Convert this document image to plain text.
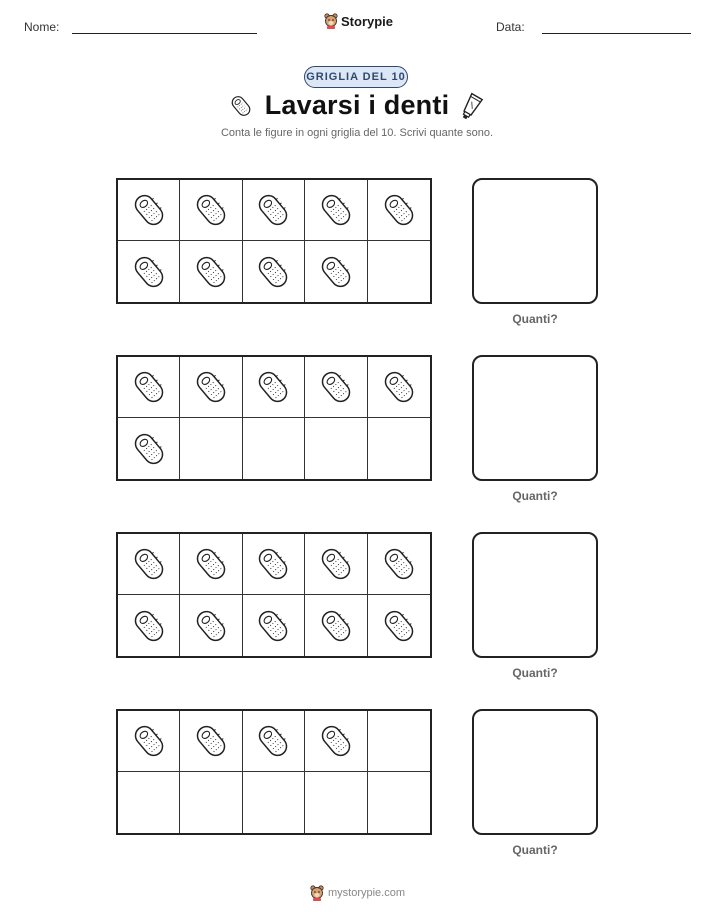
Nome:	Storypie	Data:
GRIGLIA DEL 10
Lavarsi i denti
Conta le figure in ogni griglia del 10. Scrivi quante sono.
Quanti?
Quanti?
Quanti?
Quanti?
mystorypie.com
